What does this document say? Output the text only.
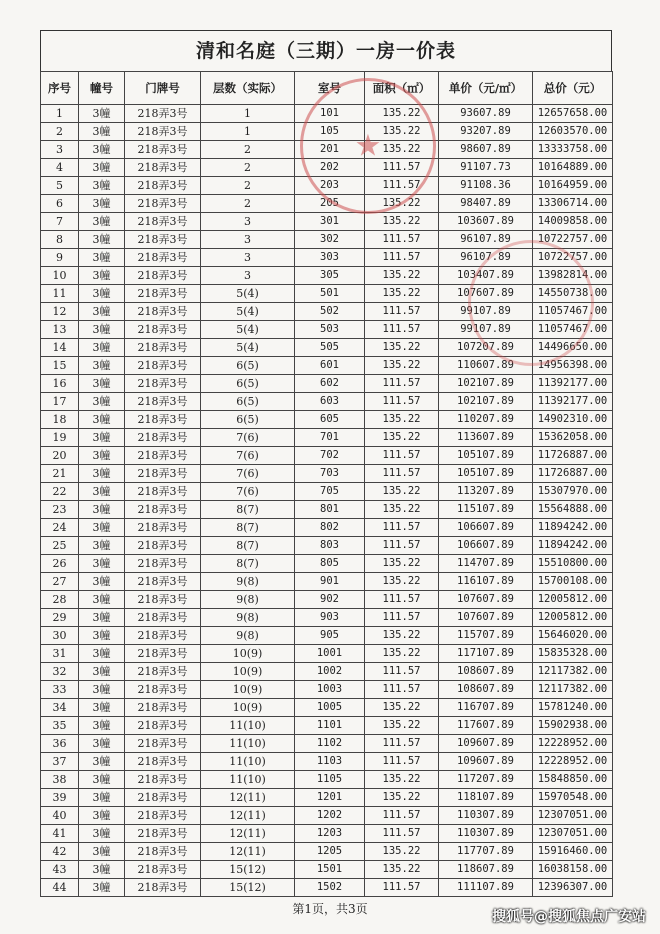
清和名庭（三期）一房一价表
序号	幢号	门牌号	层数（实际）	室号	面积（㎡）	单价（元/㎡）	总价（元）
1	3幢	218弄3号	1	101	135.22	93607.89	12657658.00
2	3幢	218弄3号	1	105	135.22	93207.89	12603570.00
3	3幢	218弄3号	2	201	135.22	98607.89	13333758.00
4	3幢	218弄3号	2	202	111.57	91107.73	10164889.00
5	3幢	218弄3号	2	203	111.57	91108.36	10164959.00
6	3幢	218弄3号	2	205	135.22	98407.89	13306714.00
7	3幢	218弄3号	3	301	135.22	103607.89	14009858.00
8	3幢	218弄3号	3	302	111.57	96107.89	10722757.00
9	3幢	218弄3号	3	303	111.57	96107.89	10722757.00
10	3幢	218弄3号	3	305	135.22	103407.89	13982814.00
11	3幢	218弄3号	5(4)	501	135.22	107607.89	14550738.00
12	3幢	218弄3号	5(4)	502	111.57	99107.89	11057467.00
13	3幢	218弄3号	5(4)	503	111.57	99107.89	11057467.00
14	3幢	218弄3号	5(4)	505	135.22	107207.89	14496650.00
15	3幢	218弄3号	6(5)	601	135.22	110607.89	14956398.00
16	3幢	218弄3号	6(5)	602	111.57	102107.89	11392177.00
17	3幢	218弄3号	6(5)	603	111.57	102107.89	11392177.00
18	3幢	218弄3号	6(5)	605	135.22	110207.89	14902310.00
19	3幢	218弄3号	7(6)	701	135.22	113607.89	15362058.00
20	3幢	218弄3号	7(6)	702	111.57	105107.89	11726887.00
21	3幢	218弄3号	7(6)	703	111.57	105107.89	11726887.00
22	3幢	218弄3号	7(6)	705	135.22	113207.89	15307970.00
23	3幢	218弄3号	8(7)	801	135.22	115107.89	15564888.00
24	3幢	218弄3号	8(7)	802	111.57	106607.89	11894242.00
25	3幢	218弄3号	8(7)	803	111.57	106607.89	11894242.00
26	3幢	218弄3号	8(7)	805	135.22	114707.89	15510800.00
27	3幢	218弄3号	9(8)	901	135.22	116107.89	15700108.00
28	3幢	218弄3号	9(8)	902	111.57	107607.89	12005812.00
29	3幢	218弄3号	9(8)	903	111.57	107607.89	12005812.00
30	3幢	218弄3号	9(8)	905	135.22	115707.89	15646020.00
31	3幢	218弄3号	10(9)	1001	135.22	117107.89	15835328.00
32	3幢	218弄3号	10(9)	1002	111.57	108607.89	12117382.00
33	3幢	218弄3号	10(9)	1003	111.57	108607.89	12117382.00
34	3幢	218弄3号	10(9)	1005	135.22	116707.89	15781240.00
35	3幢	218弄3号	11(10)	1101	135.22	117607.89	15902938.00
36	3幢	218弄3号	11(10)	1102	111.57	109607.89	12228952.00
37	3幢	218弄3号	11(10)	1103	111.57	109607.89	12228952.00
38	3幢	218弄3号	11(10)	1105	135.22	117207.89	15848850.00
39	3幢	218弄3号	12(11)	1201	135.22	118107.89	15970548.00
40	3幢	218弄3号	12(11)	1202	111.57	110307.89	12307051.00
41	3幢	218弄3号	12(11)	1203	111.57	110307.89	12307051.00
42	3幢	218弄3号	12(11)	1205	135.22	117707.89	15916460.00
43	3幢	218弄3号	15(12)	1501	135.22	118607.89	16038158.00
44	3幢	218弄3号	15(12)	1502	111.57	111107.89	12396307.00
★
第1页，共3页	搜狐号@搜狐焦点广安站
